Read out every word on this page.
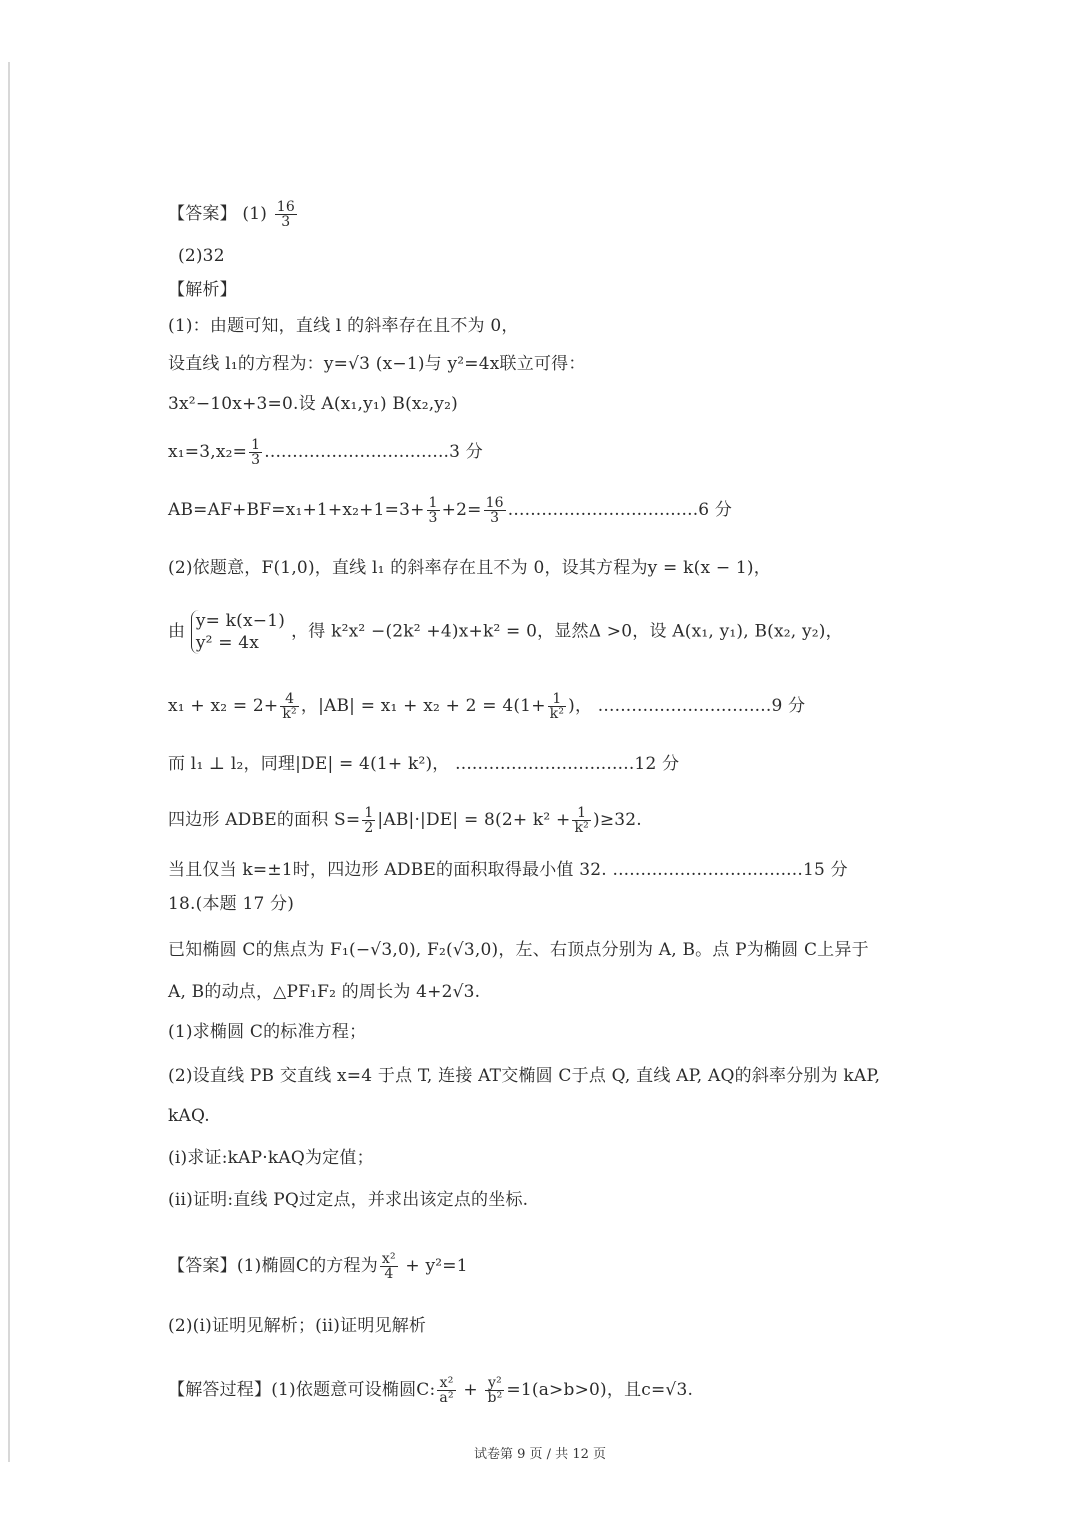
【答案】 $(1) \frac{16}{3}$
(2)32
【解析】
(1)：由题可知，直线 l 的斜率存在且不为 0，
设直线 l₁的方程为：y=√3 (x−1)与 y²=4x联立可得：
3x²−10x+3=0.设 A(x₁,y₁) B(x₂,y₂)
$x_1=3,x_2= \frac{1}{3} .................................3$ 分
$AB=AF+BF=x_1+1+x_2+1=3+ \frac{1}{3} +2= \frac{16}{3} ..................................6$ 分
(2)依题意，F(1,0)，直线 l₁ 的斜率存在且不为 0，设其方程为y = k(x − 1)，
由
y= k(x−1)
y² = 4x
，得 k²x² −(2k² +4)x+k² = 0，显然Δ >0，设 A(x₁, y₁), B(x₂, y₂)，
$x_1 + x_2 = 2+ \frac{4}{\text{k²}}$ ，$|AB| = x_1 + x_2 + 2 = 4(1+ \frac{1}{\text{k²}}$ )， ...............................9 分
而 l₁ ⊥ l₂，同理|DE| = 4(1+ k²)， ................................12 分
四边形 ADBE的面积 $S= \frac{1}{2} |AB|\cdot|DE| = 8(2+ k^2 + \frac{1}{\text{k²}} )\ge 32$.
当且仅当 k=±1时，四边形 ADBE的面积取得最小值 32. ..................................15 分
18.(本题 17 分)
已知椭圆 C的焦点为 F₁(−√3,0), F₂(√3,0)，左、右顶点分别为 A, B。点 P为椭圆 C上异于
A, B的动点，△PF₁F₂ 的周长为 4+2√3.
(1)求椭圆 C的标准方程；
(2)设直线 PB 交直线 x=4 于点 T, 连接 AT交椭圆 C于点 Q, 直线 AP, AQ的斜率分别为 kAP,
kAQ.
(i)求证:kAP·kAQ为定值；
(ii)证明:直线 PQ过定点，并求出该定点的坐标.
【答案】(1)椭圆C的方程为 $\frac{\text{x²}}{4} + y^2=1$
(2)(i)证明见解析；(ii)证明见解析
【解答过程】(1)依题意可设椭圆C: $\frac{\text{x²}}{\text{a²}} + \frac{\text{y²}}{\text{b²}} =1(a>b>0)$，且c=√3.
试卷第 9 页 / 共 12 页
